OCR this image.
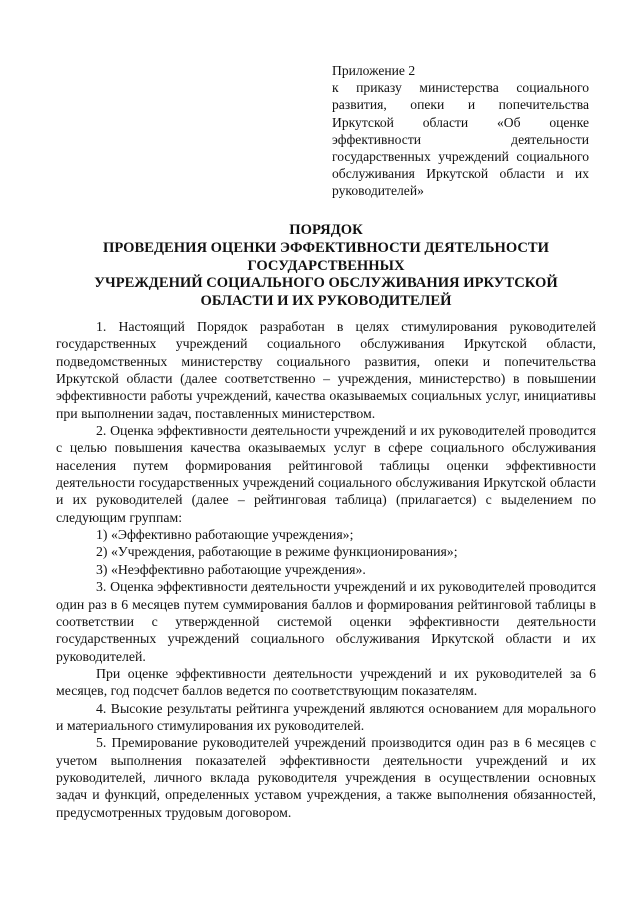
Приложение 2
к приказу министерства социального развития, опеки и попечительства Иркутской области «Об оценке эффективности деятельности государственных учреждений социального обслуживания Иркутской области и их руководителей»
ПОРЯДОК
ПРОВЕДЕНИЯ ОЦЕНКИ ЭФФЕКТИВНОСТИ ДЕЯТЕЛЬНОСТИ
ГОСУДАРСТВЕННЫХ
УЧРЕЖДЕНИЙ СОЦИАЛЬНОГО ОБСЛУЖИВАНИЯ ИРКУТСКОЙ
ОБЛАСТИ И ИХ РУКОВОДИТЕЛЕЙ

1. Настоящий Порядок разработан в целях стимулирования руководителей государственных учреждений социального обслуживания Иркутской области, подведомственных министерству социального развития, опеки и попечительства Иркутской области (далее соответственно – учреждения, министерство) в повышении эффективности работы учреждений, качества оказываемых социальных услуг, инициативы при выполнении задач, поставленных министерством.

2. Оценка эффективности деятельности учреждений и их руководителей проводится с целью повышения качества оказываемых услуг в сфере социального обслуживания населения путем формирования рейтинговой таблицы оценки эффективности деятельности государственных учреждений социального обслуживания Иркутской области и их руководителей (далее – рейтинговая таблица) (прилагается) с выделением по следующим группам:

1) «Эффективно работающие учреждения»;

2) «Учреждения, работающие в режиме функционирования»;

3) «Неэффективно работающие учреждения».

3. Оценка эффективности деятельности учреждений и их руководителей проводится один раз в 6 месяцев путем суммирования баллов и формирования рейтинговой таблицы в соответствии с утвержденной системой оценки эффективности деятельности государственных учреждений социального обслуживания Иркутской области и их руководителей.

При оценке эффективности деятельности учреждений и их руководителей за 6 месяцев, год подсчет баллов ведется по соответствующим показателям.

4. Высокие результаты рейтинга учреждений являются основанием для морального и материального стимулирования их руководителей.

5. Премирование руководителей учреждений производится один раз в 6 месяцев с учетом выполнения показателей эффективности деятельности учреждений и их руководителей, личного вклада руководителя учреждения в осуществлении основных задач и функций, определенных уставом учреждения, а также выполнения обязанностей, предусмотренных трудовым договором.
